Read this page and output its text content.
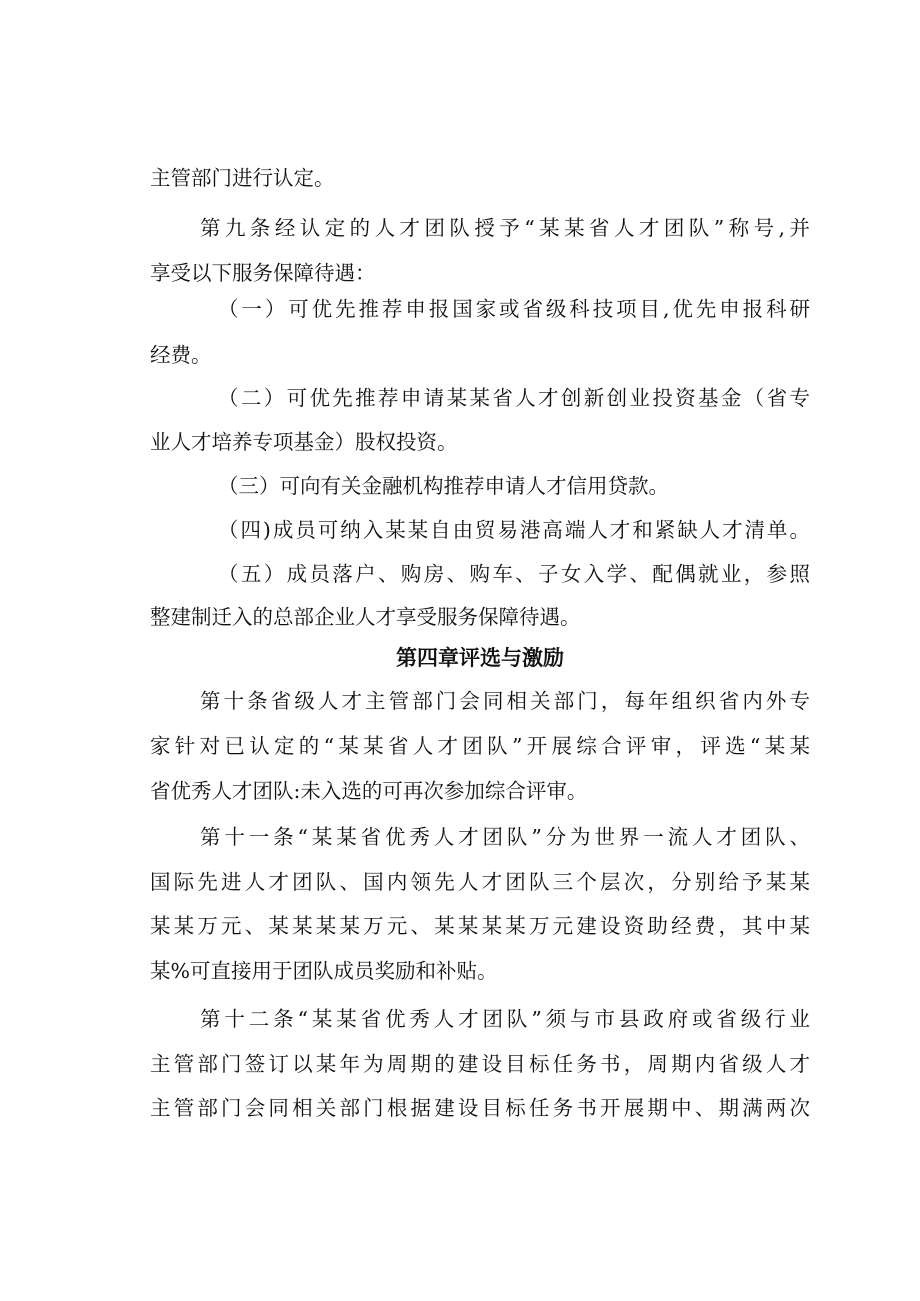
主管部门进行认定。
第九条经认定的人才团队授予“某某省人才团队”称号,并
享受以下服务保障待遇：
（一）可优先推荐申报国家或省级科技项目,优先申报科研
经费。
（二）可优先推荐申请某某省人才创新创业投资基金（省专
业人才培养专项基金）股权投资。
（三）可向有关金融机构推荐申请人才信用贷款。
（四)成员可纳入某某自由贸易港高端人才和紧缺人才清单。
（五）成员落户、购房、购车、子女入学、配偶就业，参照
整建制迁入的总部企业人才享受服务保障待遇。
第四章评选与激励
第十条省级人才主管部门会同相关部门，每年组织省内外专
家针对已认定的“某某省人才团队”开展综合评审，评选“某某
省优秀人才团队:未入选的可再次参加综合评审。
第十一条“某某省优秀人才团队”分为世界一流人才团队、
国际先进人才团队、国内领先人才团队三个层次，分别给予某某
某某万元、某某某某万元、某某某某万元建设资助经费，其中某
某%可直接用于团队成员奖励和补贴。
第十二条“某某省优秀人才团队”须与市县政府或省级行业
主管部门签订以某年为周期的建设目标任务书，周期内省级人才
主管部门会同相关部门根据建设目标任务书开展期中、期满两次
